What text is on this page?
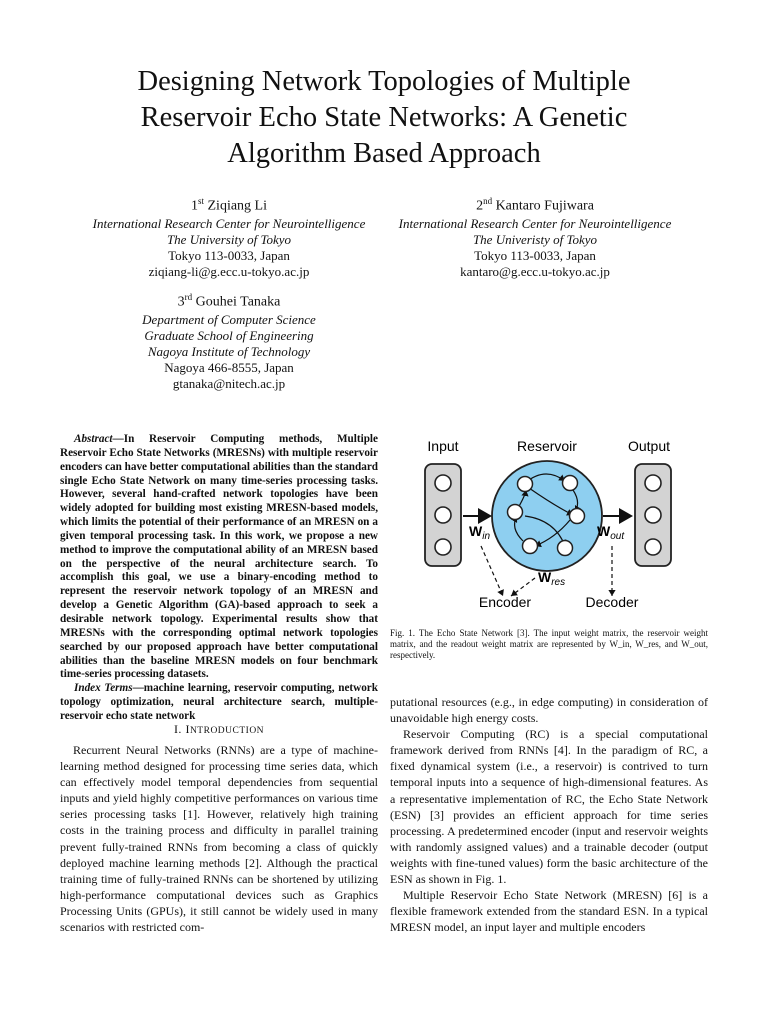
Designing Network Topologies of Multiple
Reservoir Echo State Networks: A Genetic
Algorithm Based Approach
1st Ziqiang Li
International Research Center for Neurointelligence
The University of Tokyo
Tokyo 113-0033, Japan
ziqiang-li@g.ecc.u-tokyo.ac.jp
2nd Kantaro Fujiwara
International Research Center for Neurointelligence
The Univeristy of Tokyo
Tokyo 113-0033, Japan
kantaro@g.ecc.u-tokyo.ac.jp
3rd Gouhei Tanaka
Department of Computer Science
Graduate School of Engineering
Nagoya Institute of Technology
Nagoya 466-8555, Japan
gtanaka@nitech.ac.jp

Abstract—In Reservoir Computing methods, Multiple Reservoir Echo State Networks (MRESNs) with multiple reservoir encoders can have better computational abilities than the standard single Echo State Network on many time-series processing tasks. However, several hand-crafted network topologies have been widely adopted for building most existing MRESN-based models, which limits the potential of their performance of an MRESN on a given temporal processing task. In this work, we propose a new method to improve the computational ability of an MRESN based on the perspective of the neural architecture search. To accomplish this goal, we use a binary-encoding method to represent the reservoir network topology of an MRESN and develop a Genetic Algorithm (GA)-based approach to seek a desirable network topology. Experimental results show that MRESNs with the corresponding optimal network topologies searched by our proposed approach have better computational abilities than the baseline MRESN models on four benchmark time-series processing datasets.

Index Terms—machine learning, reservoir computing, network topology optimization, neural architecture search, multiple-reservoir echo state network

I. INTRODUCTION

Recurrent Neural Networks (RNNs) are a type of machine-learning method designed for processing time series data, which can effectively model temporal dependencies from sequential inputs and yield highly competitive performances on various time series processing tasks [1]. However, relatively high training costs in the training process and difficulty in parallel training prevent fully-trained RNNs from becoming a class of quickly deployed machine learning methods [2]. Although the practical training time of fully-trained RNNs can be shortened by utilizing high-performance computational devices such as Graphics Processing Units (GPUs), it still cannot be widely used in many scenarios with restricted com-

Input	Reservoir	Output
$W_{in}$	$W_{out}$
$W_{res}$
Encoder	Decoder
Fig. 1. The Echo State Network [3]. The input weight matrix, the reservoir weight matrix, and the readout weight matrix are represented by W_in, W_res, and W_out, respectively.

putational resources (e.g., in edge computing) in consideration of unavoidable high energy costs.

Reservoir Computing (RC) is a special computational framework derived from RNNs [4]. In the paradigm of RC, a fixed dynamical system (i.e., a reservoir) is contrived to turn temporal inputs into a sequence of high-dimensional features. As a representative implementation of RC, the Echo State Network (ESN) [3] provides an efficient approach for time series processing. A predetermined encoder (input and reservoir weights with randomly assigned values) and a trainable decoder (output weights with fine-tuned values) form the basic architecture of the ESN as shown in Fig. 1.

Multiple Reservoir Echo State Network (MRESN) [6] is a flexible framework extended from the standard ESN. In a typical MRESN model, an input layer and multiple encoders
